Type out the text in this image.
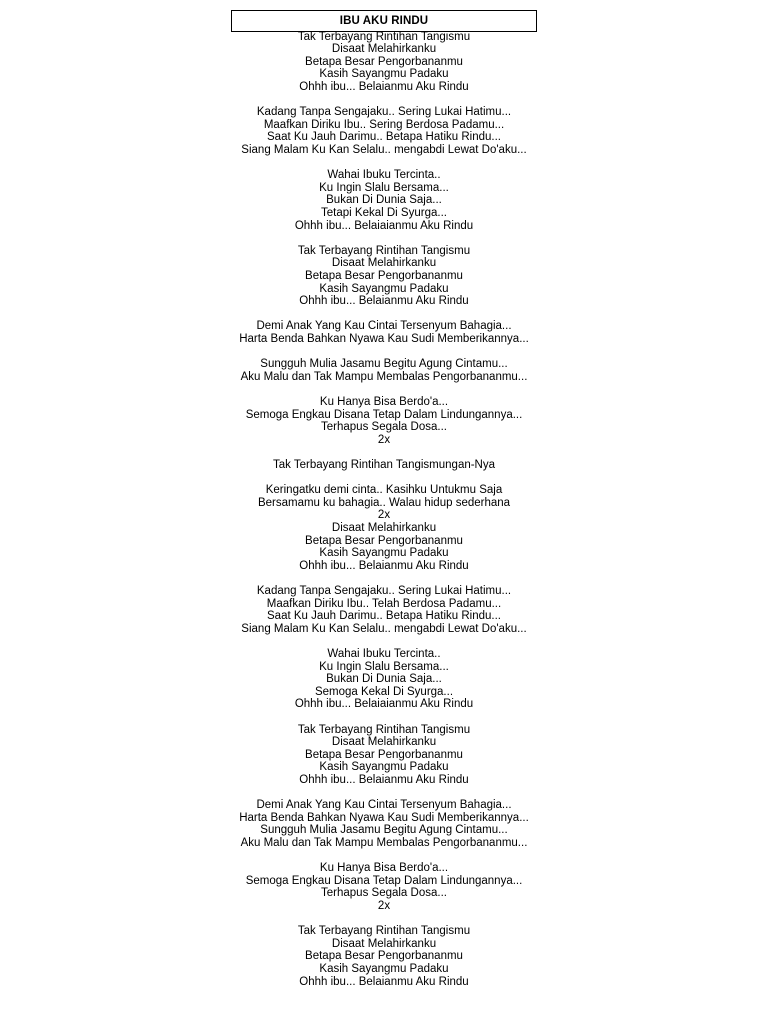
IBU AKU RINDU
Tak Terbayang Rintihan Tangismu
Disaat Melahirkanku
Betapa Besar Pengorbananmu
Kasih Sayangmu Padaku
Ohhh ibu... Belaianmu Aku Rindu
Kadang Tanpa Sengajaku.. Sering Lukai Hatimu...
Maafkan Diriku Ibu.. Sering Berdosa Padamu...
Saat Ku Jauh Darimu.. Betapa Hatiku Rindu...
Siang Malam Ku Kan Selalu.. mengabdi Lewat Do'aku...
Wahai Ibuku Tercinta..
Ku Ingin Slalu Bersama...
Bukan Di Dunia Saja...
Tetapi Kekal Di Syurga...
Ohhh ibu... Belaiaianmu Aku Rindu
Tak Terbayang Rintihan Tangismu
Disaat Melahirkanku
Betapa Besar Pengorbananmu
Kasih Sayangmu Padaku
Ohhh ibu... Belaianmu Aku Rindu
Demi Anak Yang Kau Cintai Tersenyum Bahagia...
Harta Benda Bahkan Nyawa Kau Sudi Memberikannya...
Sungguh Mulia Jasamu Begitu Agung Cintamu...
Aku Malu dan Tak Mampu Membalas Pengorbananmu...
Ku Hanya Bisa Berdo'a...
Semoga Engkau Disana Tetap Dalam Lindungannya...
Terhapus Segala Dosa...
2x
Tak Terbayang Rintihan Tangismungan-Nya
Keringatku demi cinta.. Kasihku Untukmu Saja
Bersamamu ku bahagia.. Walau hidup sederhana
2x
Disaat Melahirkanku
Betapa Besar Pengorbananmu
Kasih Sayangmu Padaku
Ohhh ibu... Belaianmu Aku Rindu
Kadang Tanpa Sengajaku.. Sering Lukai Hatimu...
Maafkan Diriku Ibu.. Telah Berdosa Padamu...
Saat Ku Jauh Darimu.. Betapa Hatiku Rindu...
Siang Malam Ku Kan Selalu.. mengabdi Lewat Do'aku...
Wahai Ibuku Tercinta..
Ku Ingin Slalu Bersama...
Bukan Di Dunia Saja...
Semoga Kekal Di Syurga...
Ohhh ibu... Belaiaianmu Aku Rindu
Tak Terbayang Rintihan Tangismu
Disaat Melahirkanku
Betapa Besar Pengorbananmu
Kasih Sayangmu Padaku
Ohhh ibu... Belaianmu Aku Rindu
Demi Anak Yang Kau Cintai Tersenyum Bahagia...
Harta Benda Bahkan Nyawa Kau Sudi Memberikannya...
Sungguh Mulia Jasamu Begitu Agung Cintamu...
Aku Malu dan Tak Mampu Membalas Pengorbananmu...
Ku Hanya Bisa Berdo'a...
Semoga Engkau Disana Tetap Dalam Lindungannya...
Terhapus Segala Dosa...
2x
Tak Terbayang Rintihan Tangismu
Disaat Melahirkanku
Betapa Besar Pengorbananmu
Kasih Sayangmu Padaku
Ohhh ibu... Belaianmu Aku Rindu
